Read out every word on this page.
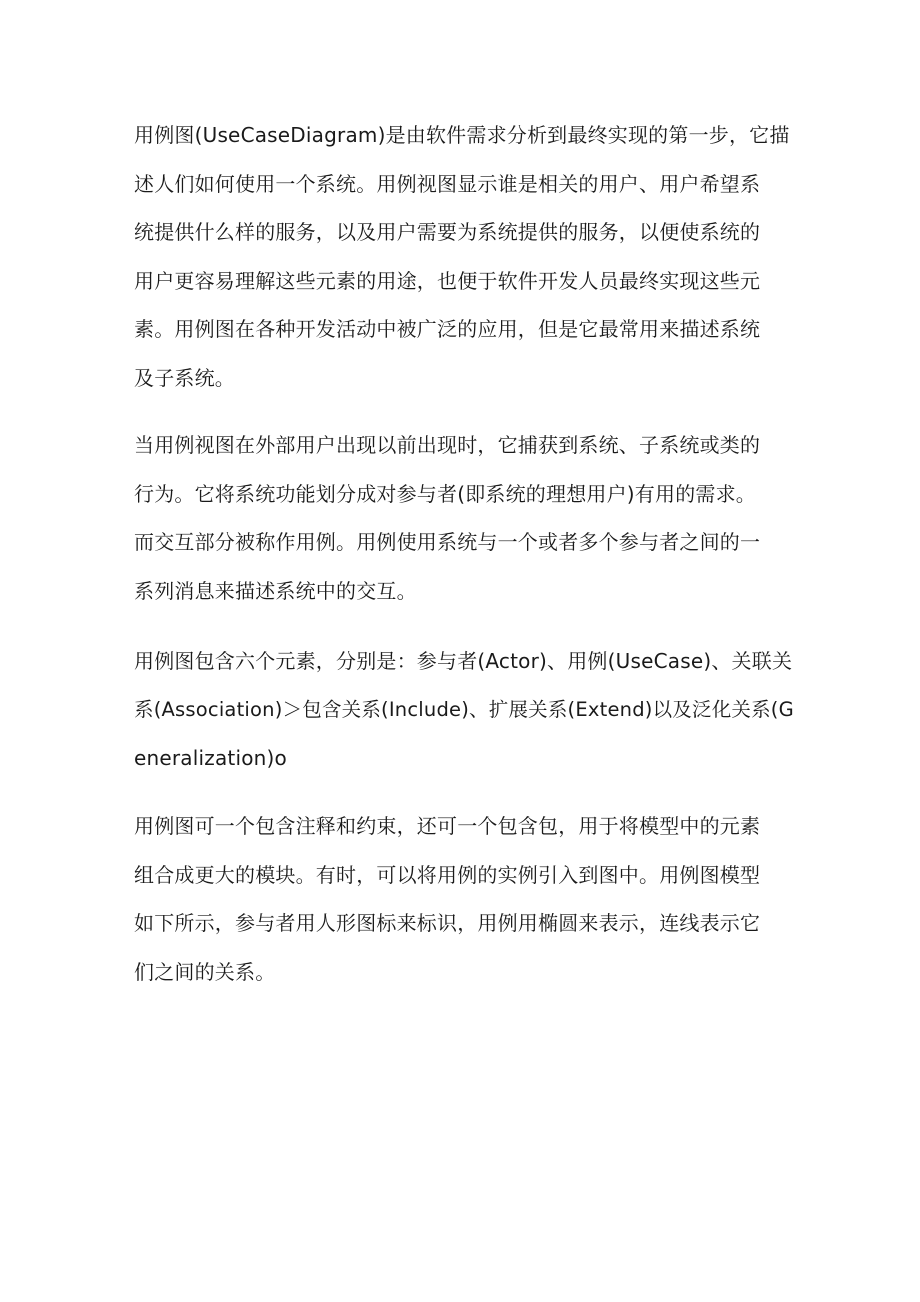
用例图(UseCaseDiagram)是由软件需求分析到最终实现的第一步，它描
述人们如何使用一个系统。用例视图显示谁是相关的用户、用户希望系
统提供什么样的服务，以及用户需要为系统提供的服务，以便使系统的
用户更容易理解这些元素的用途，也便于软件开发人员最终实现这些元
素。用例图在各种开发活动中被广泛的应用，但是它最常用来描述系统
及子系统。
当用例视图在外部用户出现以前出现时，它捕获到系统、子系统或类的
行为。它将系统功能划分成对参与者(即系统的理想用户)有用的需求。
而交互部分被称作用例。用例使用系统与一个或者多个参与者之间的一
系列消息来描述系统中的交互。
用例图包含六个元素，分别是：参与者(Actor)、用例(UseCase)、关联关
系(Association)＞包含关系(Include)、扩展关系(Extend)以及泛化关系(G
eneralization)o
用例图可一个包含注释和约束，还可一个包含包，用于将模型中的元素
组合成更大的模块。有时，可以将用例的实例引入到图中。用例图模型
如下所示，参与者用人形图标来标识，用例用椭圆来表示，连线表示它
们之间的关系。
